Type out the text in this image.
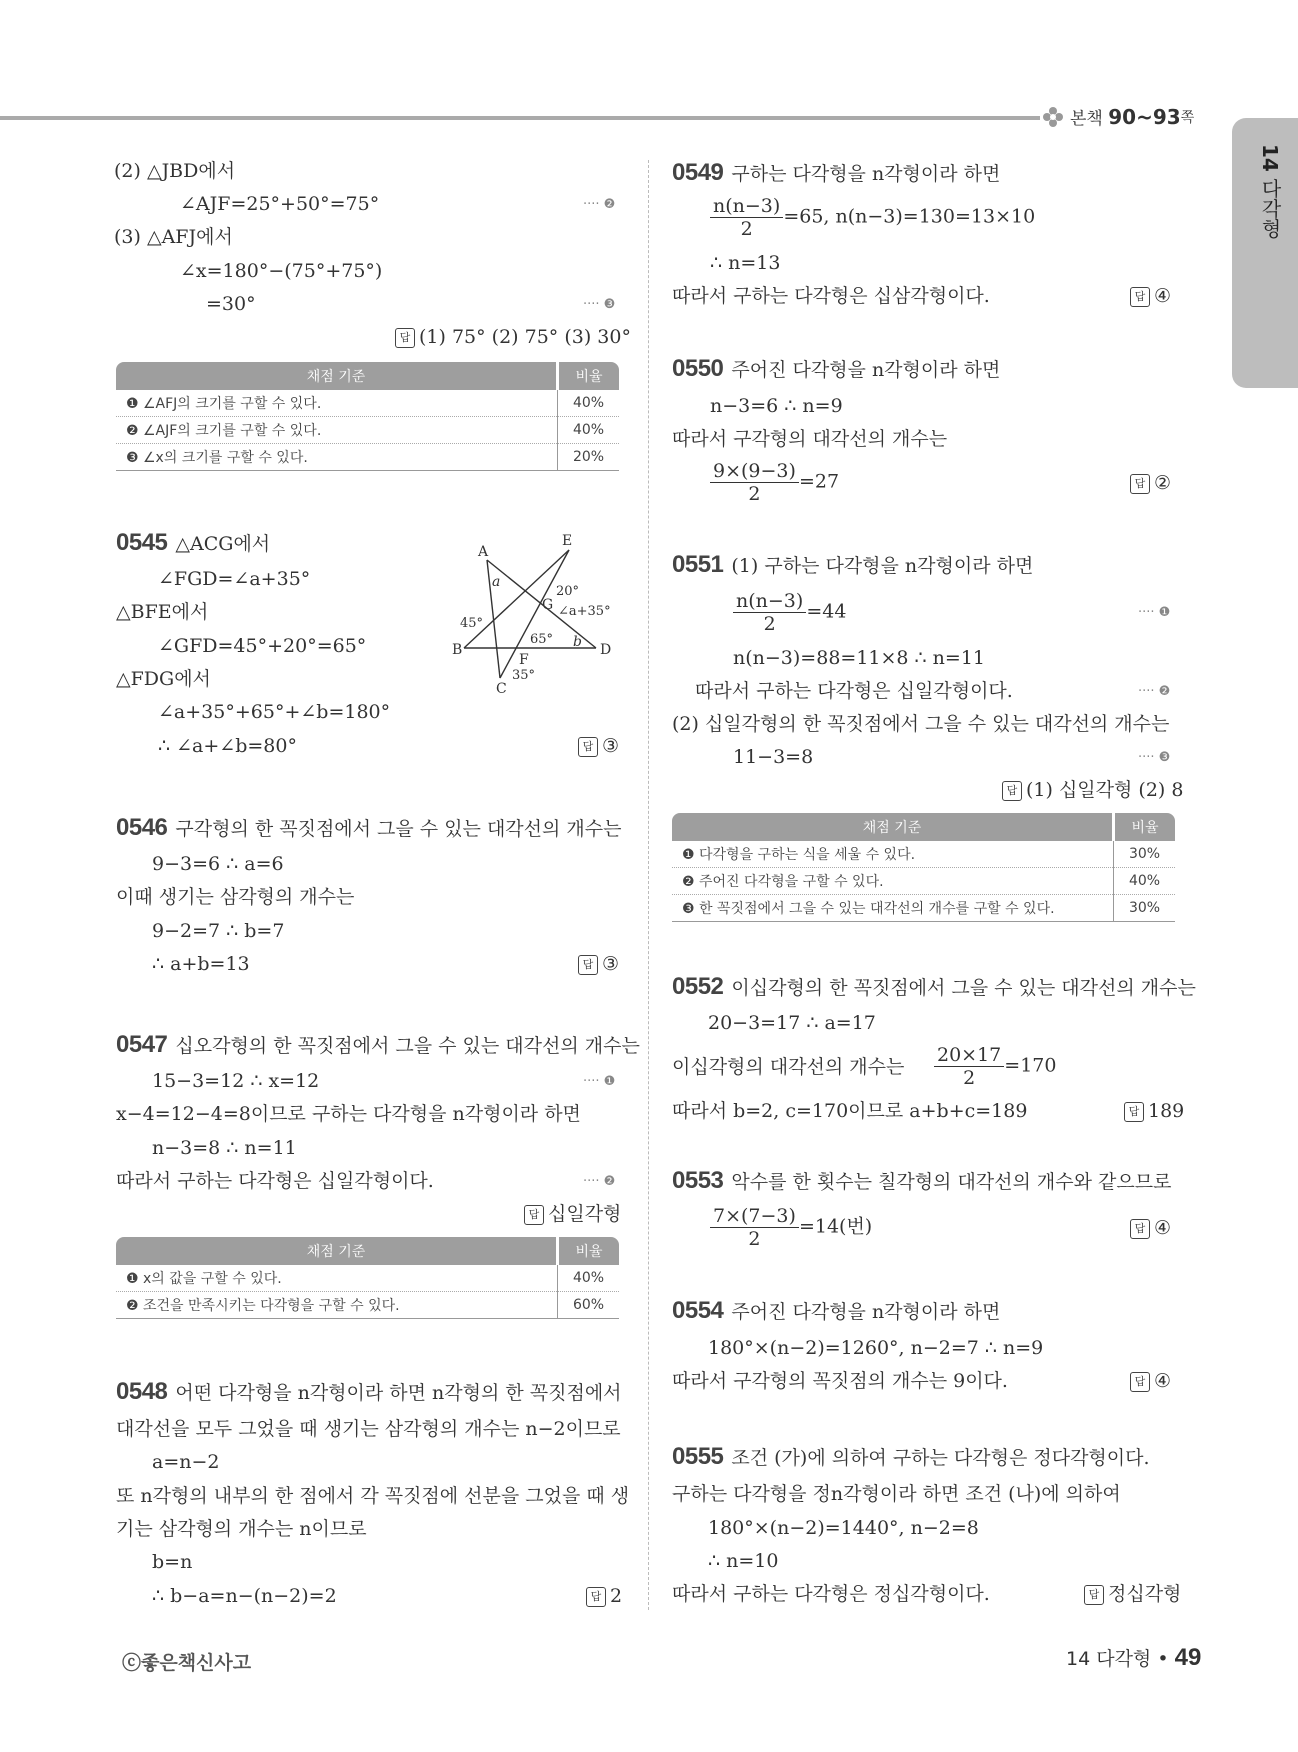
본책
90~93 쪽
14 다각형
(2) △JBD에서
∠AJF=25°+50°=75°	···· ❷
(3) △AFJ에서
∠x=180°−(75°+75°)
=30°	···· ❸
답 (1) 75° (2) 75° (3) 30°
채점 기준	비율
❶ ∠AFJ의 크기를 구할 수 있다.	40%
❷ ∠AJF의 크기를 구할 수 있다.	40%
❸ ∠x의 크기를 구할 수 있다.	20%
0545 △ACG에서
∠FGD=∠a+35°
△BFE에서
∠GFD=45°+20°=65°
△FDG에서
∠a+35°+65°+∠b=180°
∴ ∠a+∠b=80°	답 ③
A
E
G
B	D
F
C
a
b
20°
45°
65°
35°
∠a+35°
0546 구각형의 한 꼭짓점에서 그을 수 있는 대각선의 개수는
9−3=6 ∴ a=6
이때 생기는 삼각형의 개수는
9−2=7 ∴ b=7
∴ a+b=13	답 ③
0547 십오각형의 한 꼭짓점에서 그을 수 있는 대각선의 개수는
15−3=12 ∴ x=12	···· ❶
x−4=12−4=8이므로 구하는 다각형을 n각형이라 하면
n−3=8 ∴ n=11
따라서 구하는 다각형은 십일각형이다.	···· ❷
답 십일각형
채점 기준	비율
❶ x의 값을 구할 수 있다.	40%
❷ 조건을 만족시키는 다각형을 구할 수 있다.	60%
0548 어떤 다각형을 n각형이라 하면 n각형의 한 꼭짓점에서
대각선을 모두 그었을 때 생기는 삼각형의 개수는 n−2이므로
a=n−2
또 n각형의 내부의 한 점에서 각 꼭짓점에 선분을 그었을 때 생
기는 삼각형의 개수는 n이므로
b=n
∴ b−a=n−(n−2)=2	답 2
0549 구하는 다각형을 n각형이라 하면
$\frac{n(n-3)}{2} =65$, n(n−3)=130=13×10
∴ n=13
따라서 구하는 다각형은 십삼각형이다.	답 ④
0550 주어진 다각형을 n각형이라 하면
n−3=6 ∴ n=9
따라서 구각형의 대각선의 개수는
$\frac{9\times(9-3)}{2} =27$	답 ②
0551 (1) 구하는 다각형을 n각형이라 하면
$\frac{n(n-3)}{2} =44$	···· ❶
n(n−3)=88=11×8 ∴ n=11
따라서 구하는 다각형은 십일각형이다.	···· ❷
(2) 십일각형의 한 꼭짓점에서 그을 수 있는 대각선의 개수는
11−3=8	···· ❸
답 (1) 십일각형 (2) 8
채점 기준	비율
❶ 다각형을 구하는 식을 세울 수 있다.	30%
❷ 주어진 다각형을 구할 수 있다.	40%
❸ 한 꼭짓점에서 그을 수 있는 대각선의 개수를 구할 수 있다.	30%
0552 이십각형의 한 꼭짓점에서 그을 수 있는 대각선의 개수는
20−3=17 ∴ a=17
이십각형의 대각선의 개수는 $\frac{20\times 17}{2} =170$
따라서 b=2, c=170이므로 a+b+c=189	답 189
0553 악수를 한 횟수는 칠각형의 대각선의 개수와 같으므로
$\frac{7\times(7-3)}{2} =14$(번)	답 ④
0554 주어진 다각형을 n각형이라 하면
180°×(n−2)=1260°, n−2=7 ∴ n=9
따라서 구각형의 꼭짓점의 개수는 9이다.	답 ④
0555 조건 (가)에 의하여 구하는 다각형은 정다각형이다.
구하는 다각형을 정n각형이라 하면 조건 (나)에 의하여
180°×(n−2)=1440°, n−2=8
∴ n=10
따라서 구하는 다각형은 정십각형이다.	답 정십각형
ⓒ좋은책신사고	14 다각형 • 49
